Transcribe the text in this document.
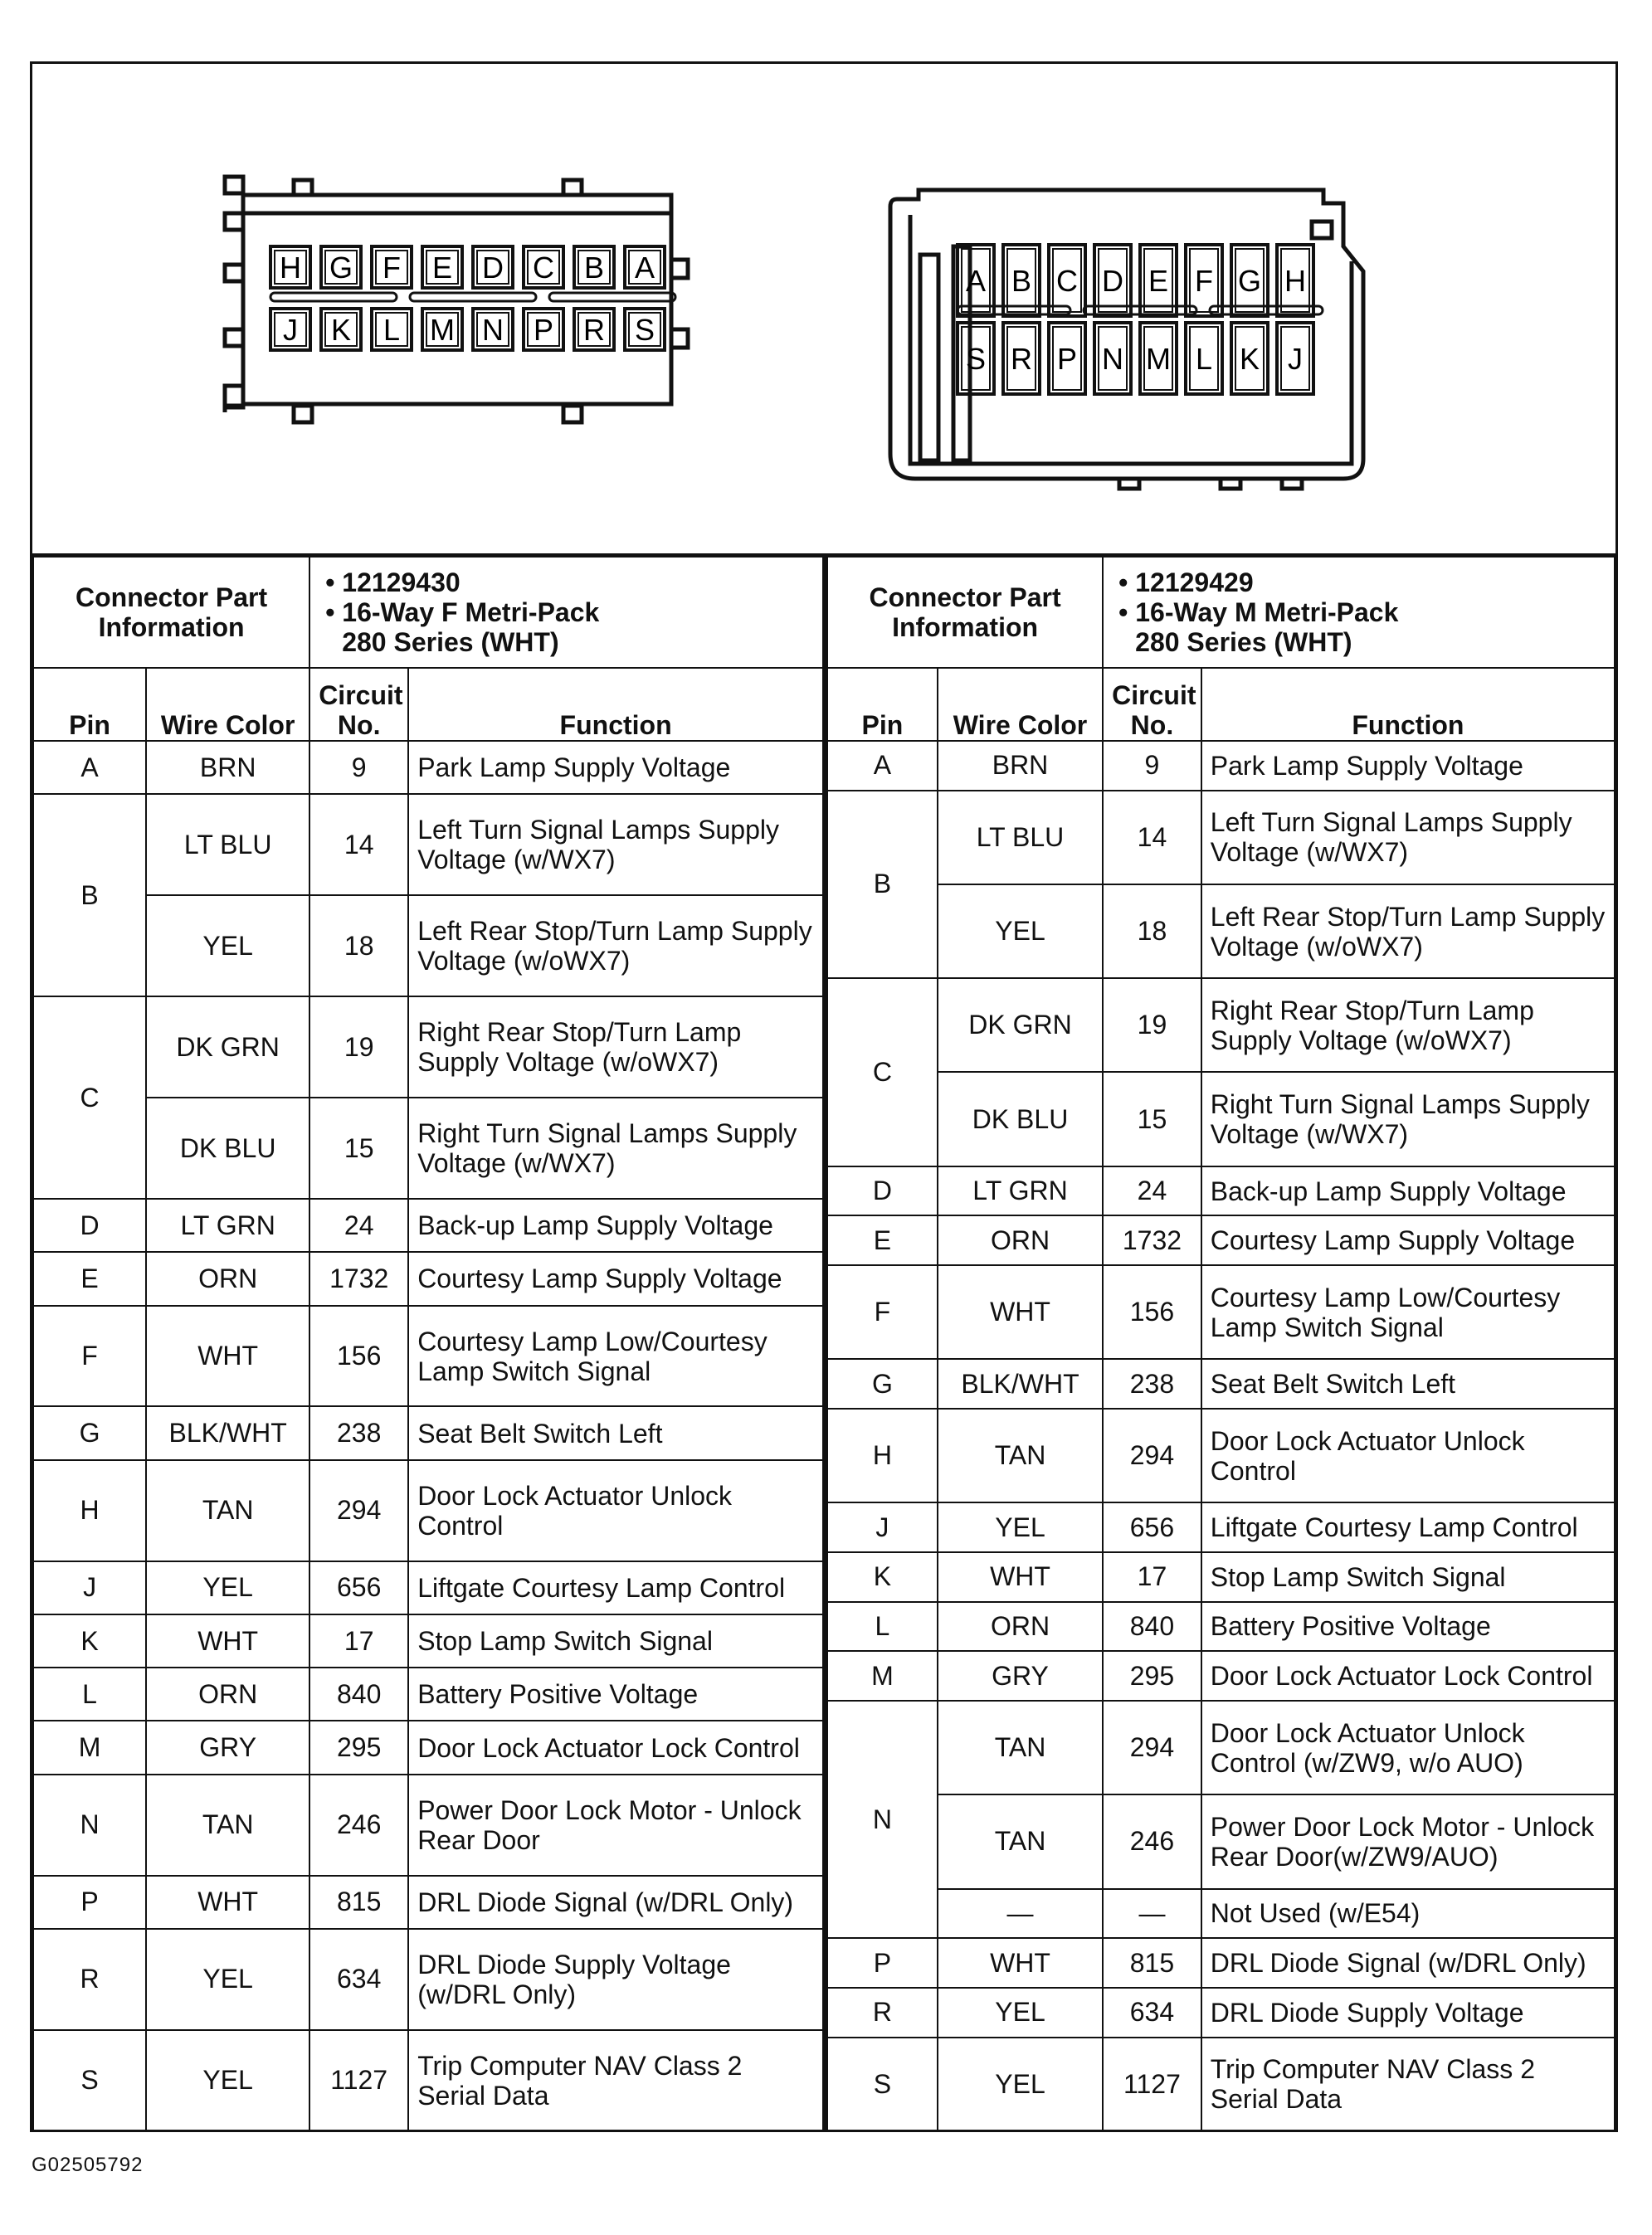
H G F E D C B A
J K L M N P R S
A B C D E F G H
S R P N M L K J
Connector Part Information		• 12129430
• 16-Way F Metri-Pack
280 Series (WHT)

Pin	Wire Color	Circuit No.	Function
A	BRN	9	Park Lamp Supply Voltage
B	LT BLU	14	Left Turn Signal Lamps Supply Voltage (w/WX7)
	YEL	18	Left Rear Stop/Turn Lamp Supply Voltage (w/oWX7)
C	DK GRN	19	Right Rear Stop/Turn Lamp Supply Voltage (w/oWX7)
	DK BLU	15	Right Turn Signal Lamps Supply Voltage (w/WX7)
D	LT GRN	24	Back-up Lamp Supply Voltage
E	ORN	1732	Courtesy Lamp Supply Voltage
F	WHT	156	Courtesy Lamp Low/Courtesy Lamp Switch Signal
G	BLK/WHT	238	Seat Belt Switch Left
H	TAN	294	Door Lock Actuator Unlock Control
J	YEL	656	Liftgate Courtesy Lamp Control
K	WHT	17	Stop Lamp Switch Signal
L	ORN	840	Battery Positive Voltage
M	GRY	295	Door Lock Actuator Lock Control
N	TAN	246	Power Door Lock Motor - Unlock Rear Door
P	WHT	815	DRL Diode Signal (w/DRL Only)
R	YEL	634	DRL Diode Supply Voltage (w/DRL Only)
S	YEL	1127	Trip Computer NAV Class 2 Serial Data
Connector Part Information		• 12129429
• 16-Way M Metri-Pack
280 Series (WHT)

Pin	Wire Color	Circuit No.	Function
A	BRN	9	Park Lamp Supply Voltage
B	LT BLU	14	Left Turn Signal Lamps Supply Voltage (w/WX7)
	YEL	18	Left Rear Stop/Turn Lamp Supply Voltage (w/oWX7)
C	DK GRN	19	Right Rear Stop/Turn Lamp Supply Voltage (w/oWX7)
	DK BLU	15	Right Turn Signal Lamps Supply Voltage (w/WX7)
D	LT GRN	24	Back-up Lamp Supply Voltage
E	ORN	1732	Courtesy Lamp Supply Voltage
F	WHT	156	Courtesy Lamp Low/Courtesy Lamp Switch Signal
G	BLK/WHT	238	Seat Belt Switch Left
H	TAN	294	Door Lock Actuator Unlock Control
J	YEL	656	Liftgate Courtesy Lamp Control
K	WHT	17	Stop Lamp Switch Signal
L	ORN	840	Battery Positive Voltage
M	GRY	295	Door Lock Actuator Lock Control
N	TAN	294	Door Lock Actuator Unlock Control (w/ZW9, w/o AUO)
	TAN	246	Power Door Lock Motor - Unlock Rear Door(w/ZW9/AUO)
	—	—	Not Used (w/E54)
P	WHT	815	DRL Diode Signal (w/DRL Only)
R	YEL	634	DRL Diode Supply Voltage
S	YEL	1127	Trip Computer NAV Class 2 Serial Data
G02505792
